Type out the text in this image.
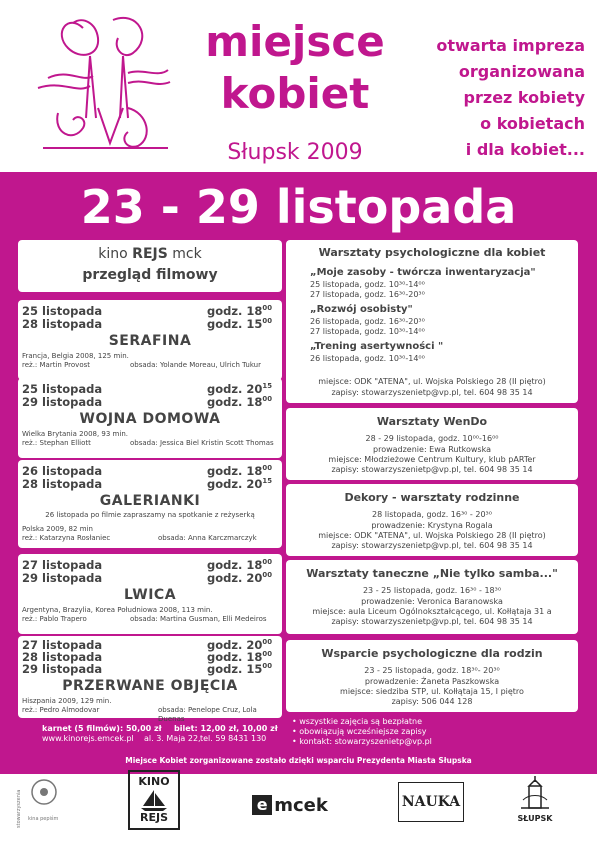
miejsce
kobiet
Słupsk 2009
otwarta impreza
organizowana
przez kobiety
o kobietach
i dla kobiet...
23 - 29 listopada
kino REJS mck
przegląd filmowy
25 listopada	godz. $18^{00}$
28 listopada	godz. $15^{00}$
SERAFINA
Francja, Belgia 2008, 125 min.
reż.: Martin Provost	obsada: Yolande Moreau, Ulrich Tukur
25 listopada	godz. $20^{15}$
29 listopada	godz. $18^{00}$
WOJNA DOMOWA
Wielka Brytania 2008, 93 min.
reż.: Stephan Elliott	obsada: Jessica Biel Kristin Scott Thomas
26 listopada	godz. $18^{00}$
28 listopada	godz. $20^{15}$
GALERIANKI
26 listopada po filmie zapraszamy na spotkanie z reżyserką
Polska 2009, 82 min
reż.: Katarzyna Rosłaniec	obsada: Anna Karczmarczyk
27 listopada	godz. $18^{00}$
29 listopada	godz. $20^{00}$
LWICA
Argentyna, Brazylia, Korea Południowa 2008, 113 min.
reż.: Pablo Trapero	obsada: Martina Gusman, Elli Medeiros
27 listopada	godz. $20^{00}$
28 listopada	godz. $18^{00}$
29 listopada	godz. $15^{00}$
PRZERWANE OBJĘCIA
Hiszpania 2009, 129 min.
reż.: Pedro Almodovar	obsada: Penelope Cruz, Lola Duenas
karnet (5 filmów): 50,00 zł bilet: 12,00 zł, 10,00 zł
www.kinorejs.emcek.pl al. 3. Maja 22, tel. 59 8431 130
Warsztaty psychologiczne dla kobiet
„Moje zasoby - twórcza inwentaryzacja"
25 listopada, godz. 10³⁰-14⁰⁰
27 listopada, godz. 16³⁰-20³⁰
„Rozwój osobisty"
26 listopada, godz. 16³⁰-20³⁰
27 listopada, godz. 10³⁰-14⁰⁰
„Trening asertywności "
26 listopada, godz. 10³⁰-14⁰⁰
miejsce: ODK "ATENA", ul. Wojska Polskiego 28 (II piętro)
zapisy: stowarzyszenietp@vp.pl, tel. 604 98 35 14
Warsztaty WenDo
28 - 29 listopada, godz. 10⁰⁰-16⁰⁰
prowadzenie: Ewa Rutkowska
miejsce: Młodzieżowe Centrum Kultury, klub pARTer
zapisy: stowarzyszenietp@vp.pl, tel. 604 98 35 14
Dekory - warsztaty rodzinne
28 listopada, godz. 16³⁰ - 20³⁰
prowadzenie: Krystyna Rogala
miejsce: ODK "ATENA", ul. Wojska Polskiego 28 (II piętro)
zapisy: stowarzyszenietp@vp.pl, tel. 604 98 35 14
Warsztaty taneczne „Nie tylko samba..."
23 - 25 listopada, godz. 16³⁰ - 18³⁰
prowadzenie: Veronica Baranowska
miejsce: aula Liceum Ogólnokształcącego, ul. Kołłątaja 31 a
zapisy: stowarzyszenietp@vp.pl, tel. 604 98 35 14
Wsparcie psychologiczne dla rodzin
23 - 25 listopada, godz. 18³⁰- 20³⁰
prowadzenie: Żaneta Paszkowska
miejsce: siedziba STP, ul. Kołłątaja 15, I piętro
zapisy: 506 044 128
• wszystkie zajęcia są bezpłatne
• obowiązują wcześniejsze zapisy
• kontakt: stowarzyszenietp@vp.pl
Miejsce Kobiet zorganizowane zostało dzięki wsparciu Prezydenta Miasta Słupska
stowarzyszenia kina pepiśm
KINO
REJS
e mcek	NAUKA
SŁUPSK
